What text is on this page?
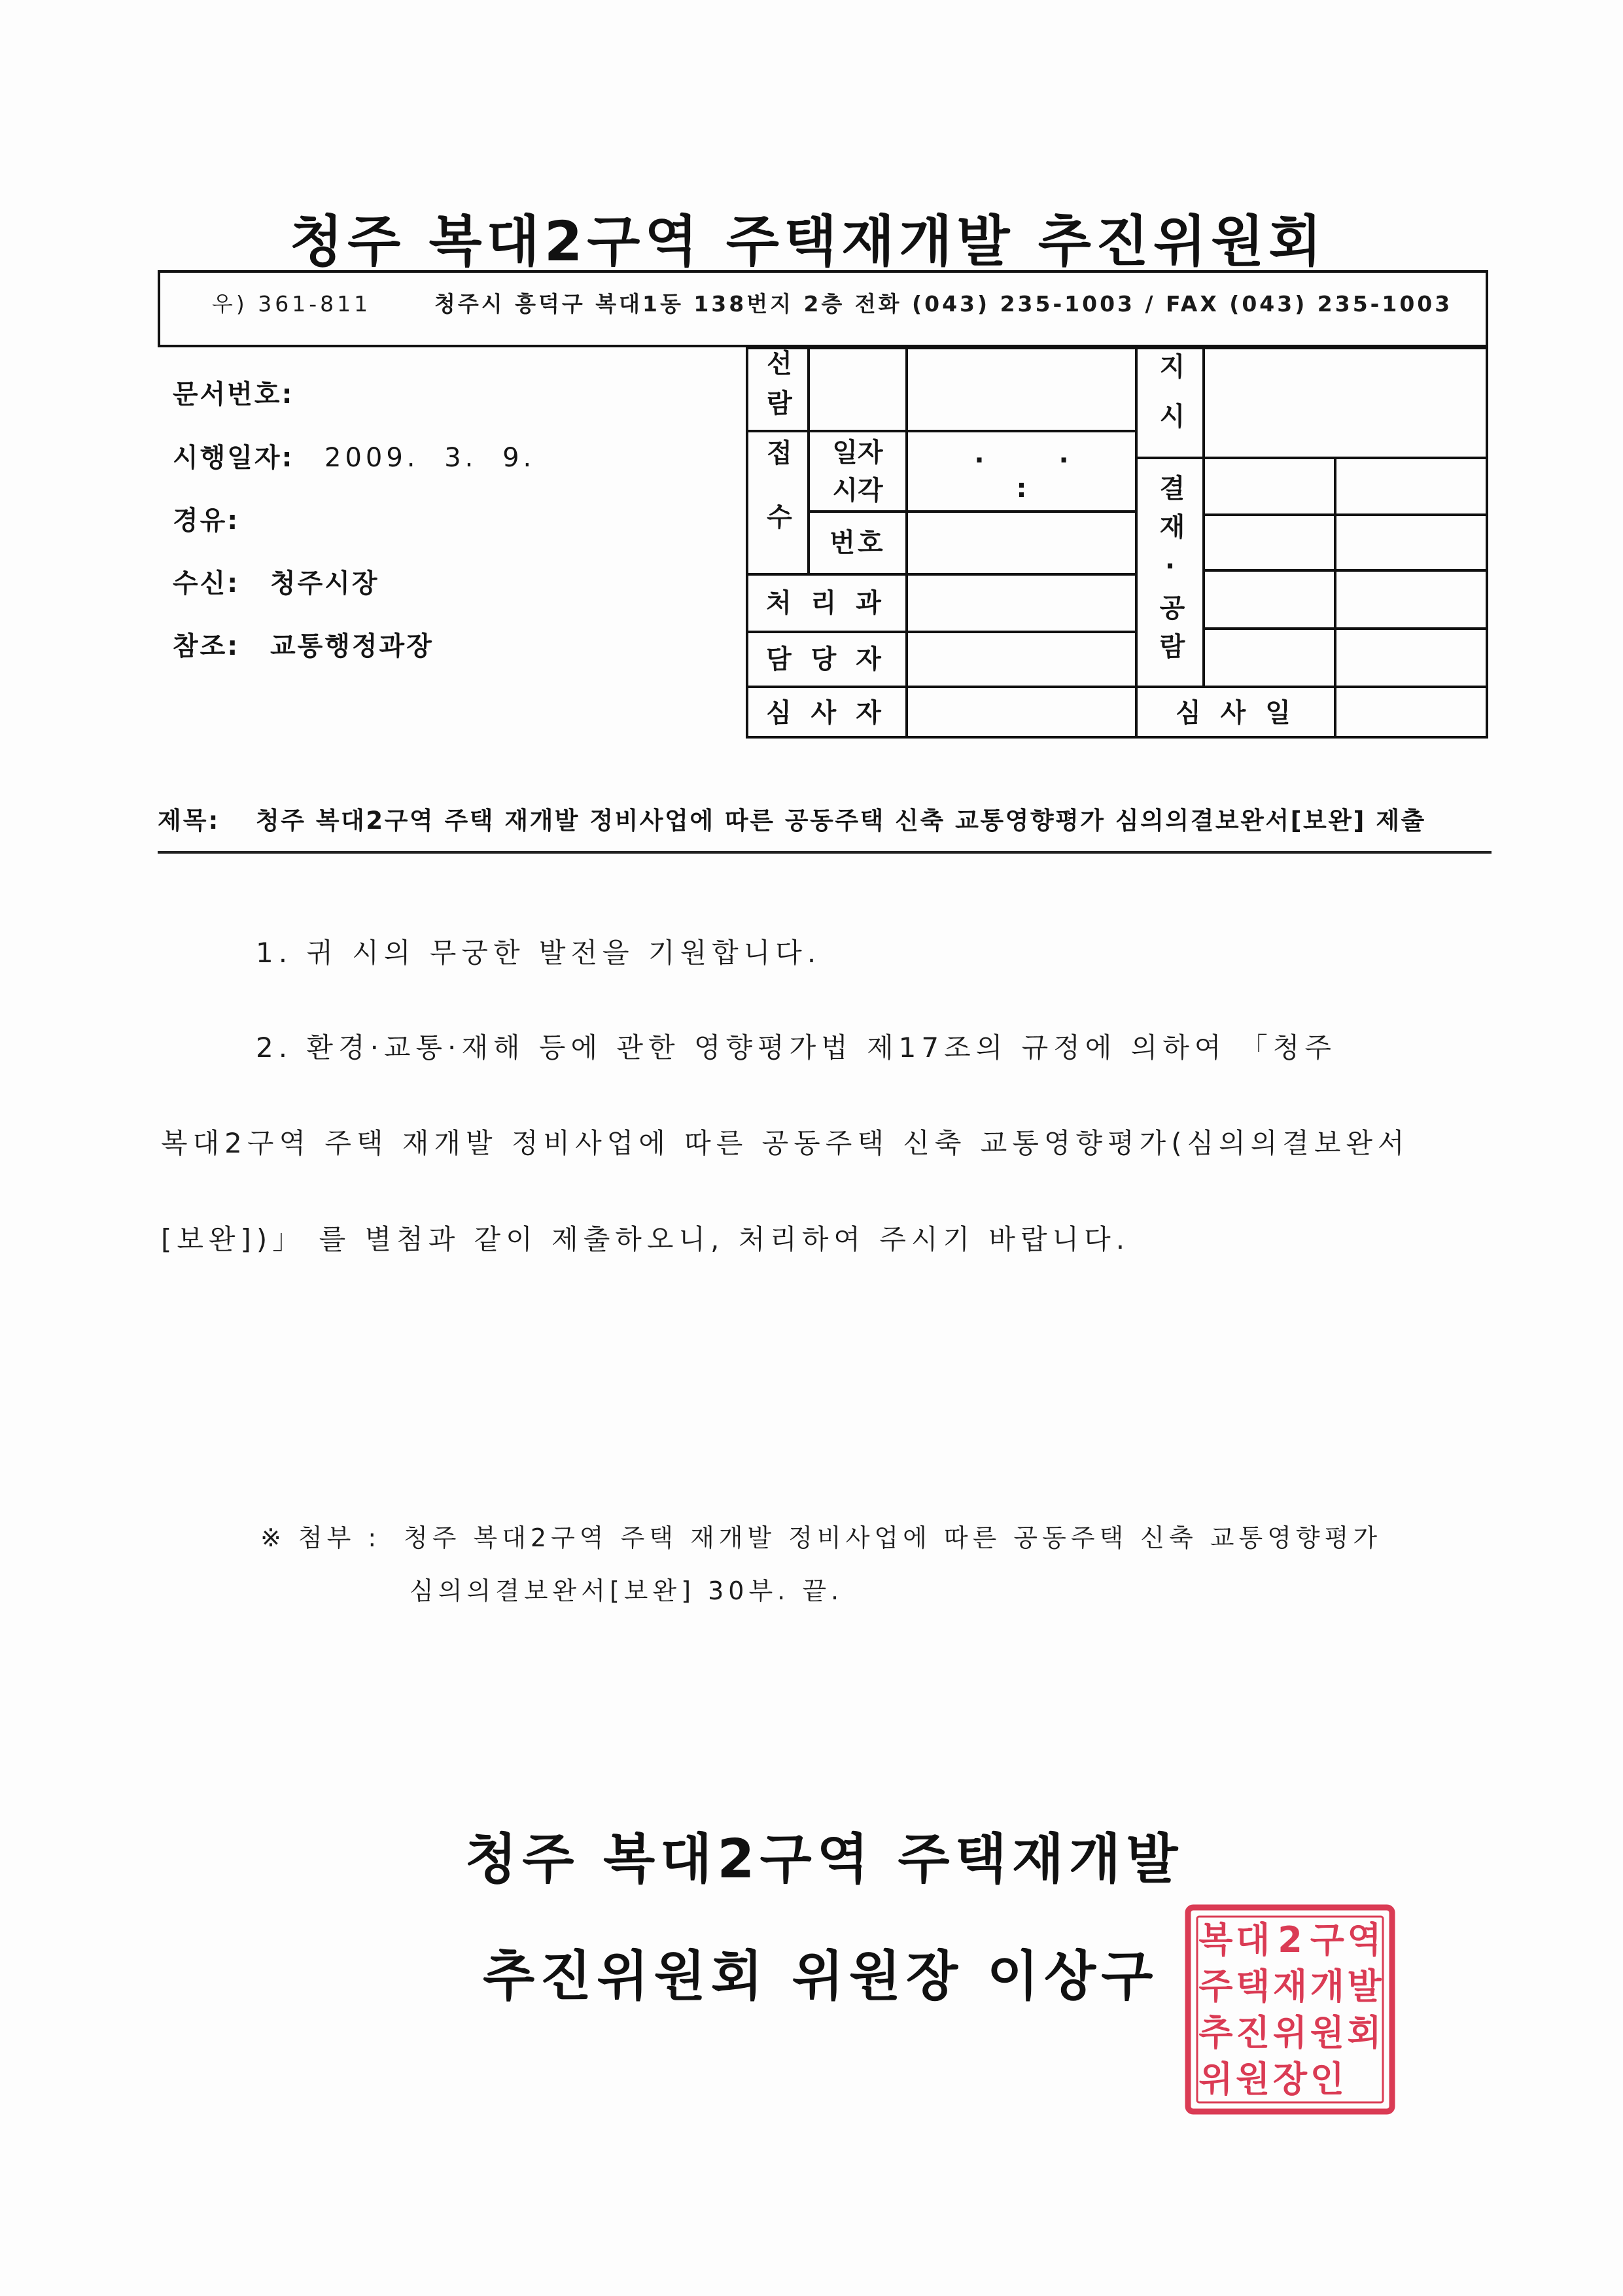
청주 복대2구역 주택재개발 추진위원회
우) 361-811	청주시 흥덕구 복대1동 138번지 2층 전화 (043) 235-1003 / FAX (043) 235-1003
문서번호:
시행일자: 2009. 3. 9.
경유:
수신: 청주시장
참조: 교통행정과장
선람
접수 일자
시각
. .
:
번호
처 리 과
담 당 자
심 사 자
지시
결재·공람
심 사 일
제목: 청주 복대2구역 주택 재개발 정비사업에 따른 공동주택 신축 교통영향평가 심의의결보완서[보완] 제출
1. 귀 시의 무궁한 발전을 기원합니다.
2. 환경·교통·재해 등에 관한 영향평가법 제17조의 규정에 의하여 「청주
복대2구역 주택 재개발 정비사업에 따른 공동주택 신축 교통영향평가(심의의결보완서
[보완])」 를 별첨과 같이 제출하오니, 처리하여 주시기 바랍니다.
※ 첨부 : 청주 복대2구역 주택 재개발 정비사업에 따른 공동주택 신축 교통영향평가
심의의결보완서[보완] 30부. 끝.
청주 복대2구역 주택재개발
추진위원회 위원장 이상구
복 대 2 구 역
주 택 재 개 발
추 진 위 원 회
위 원 장 인
